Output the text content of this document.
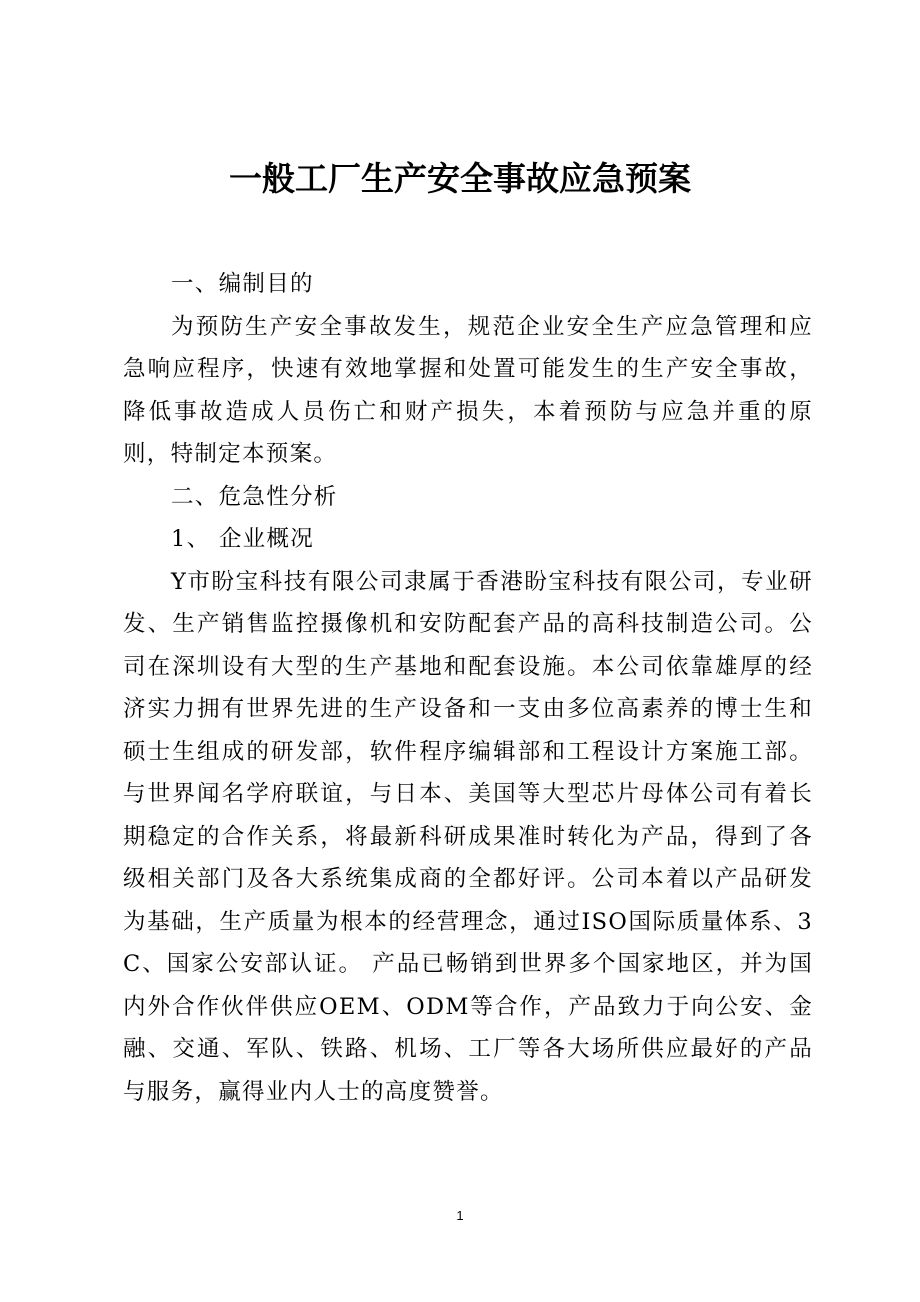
一般工厂生产安全事故应急预案

一、编制目的

为预防生产安全事故发生，规范企业安全生产应急管理和应急响应程序，快速有效地掌握和处置可能发生的生产安全事故，降低事故造成人员伤亡和财产损失，本着预防与应急并重的原则，特制定本预案。

二、危急性分析

1、 企业概况

Y市盼宝科技有限公司隶属于香港盼宝科技有限公司，专业研发、生产销售监控摄像机和安防配套产品的高科技制造公司。公司在深圳设有大型的生产基地和配套设施。本公司依靠雄厚的经济实力拥有世界先进的生产设备和一支由多位高素养的博士生和硕士生组成的研发部，软件程序编辑部和工程设计方案施工部。与世界闻名学府联谊，与日本、美国等大型芯片母体公司有着长期稳定的合作关系，将最新科研成果准时转化为产品，得到了各级相关部门及各大系统集成商的全都好评。公司本着以产品研发为基础，生产质量为根本的经营理念，通过ISO国际质量体系、3C、国家公安部认证。 产品已畅销到世界多个国家地区，并为国内外合作伙伴供应OEM、ODM等合作，产品致力于向公安、金融、交通、军队、铁路、机场、工厂等各大场所供应最好的产品与服务，赢得业内人士的高度赞誉。

1
